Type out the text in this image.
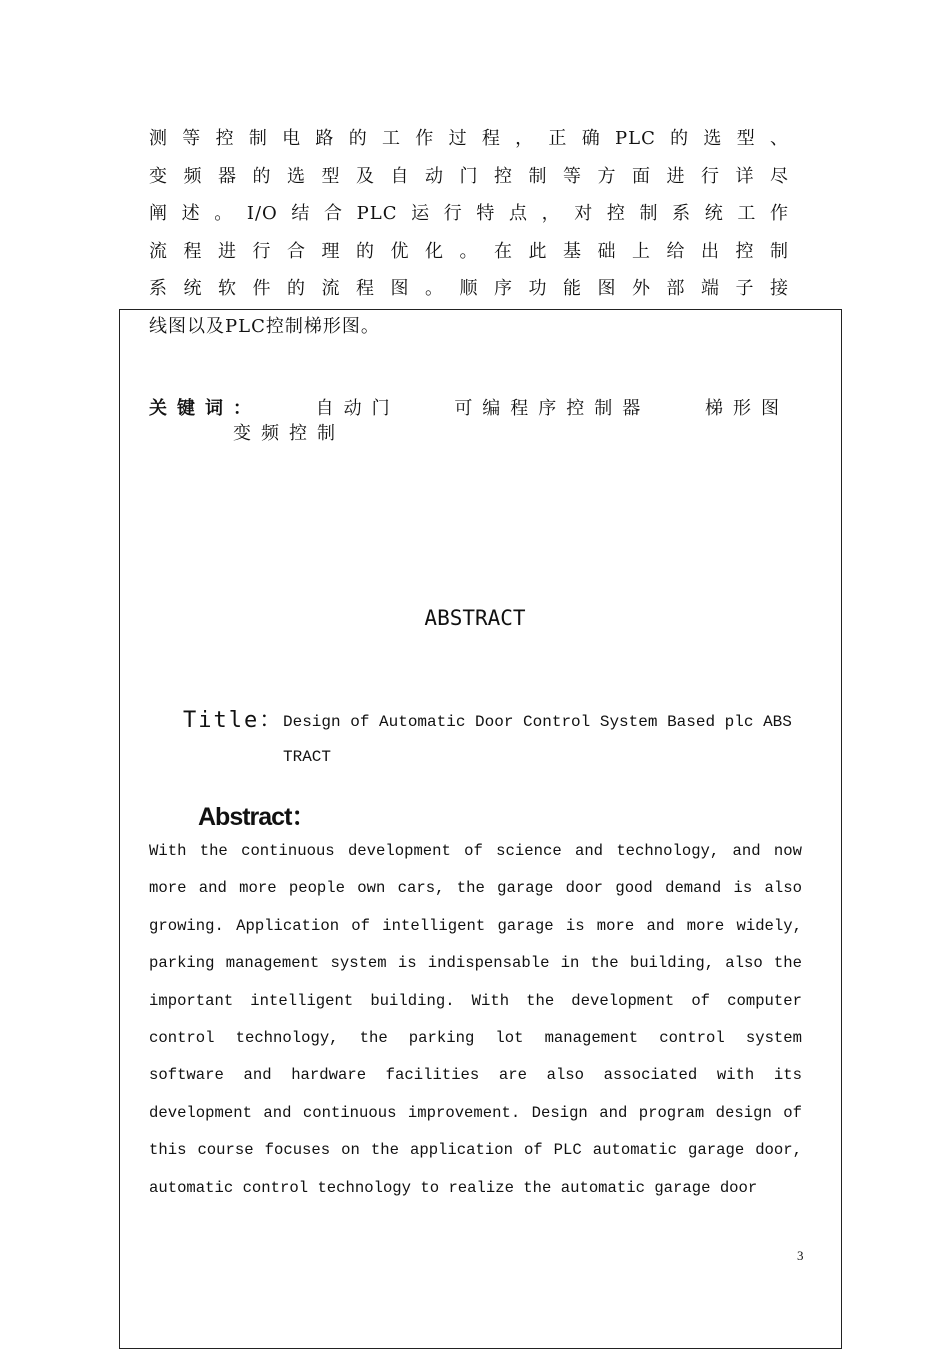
测等控制电路的工作过程，正确PLC的选型、
变频器的选型及自动门控制等方面进行详尽
阐述。I/O结合PLC运行特点，对控制系统工作
流程进行合理的优化。在此基础上给出控制
系统软件的流程图。顺序功能图外部端子接
线图以及PLC控制梯形图。
关键词：	自动门	可编程序控制器	梯形图
变频控制
ABSTRACT
Title： Design of Automatic Door Control System Based plc ABSTRACT
Abstract：
With the continuous development of science and technology, and now more and more people own cars, the garage door good demand is also growing. Application of intelligent garage is more and more widely, parking management system is indispensable in the building, also the important intelligent building. With the development of computer control technology, the parking lot management control system software and hardware facilities are also associated with its development and continuous improvement. Design and program design of this course focuses on the application of PLC automatic garage door, automatic control technology to realize the automatic garage door
3
